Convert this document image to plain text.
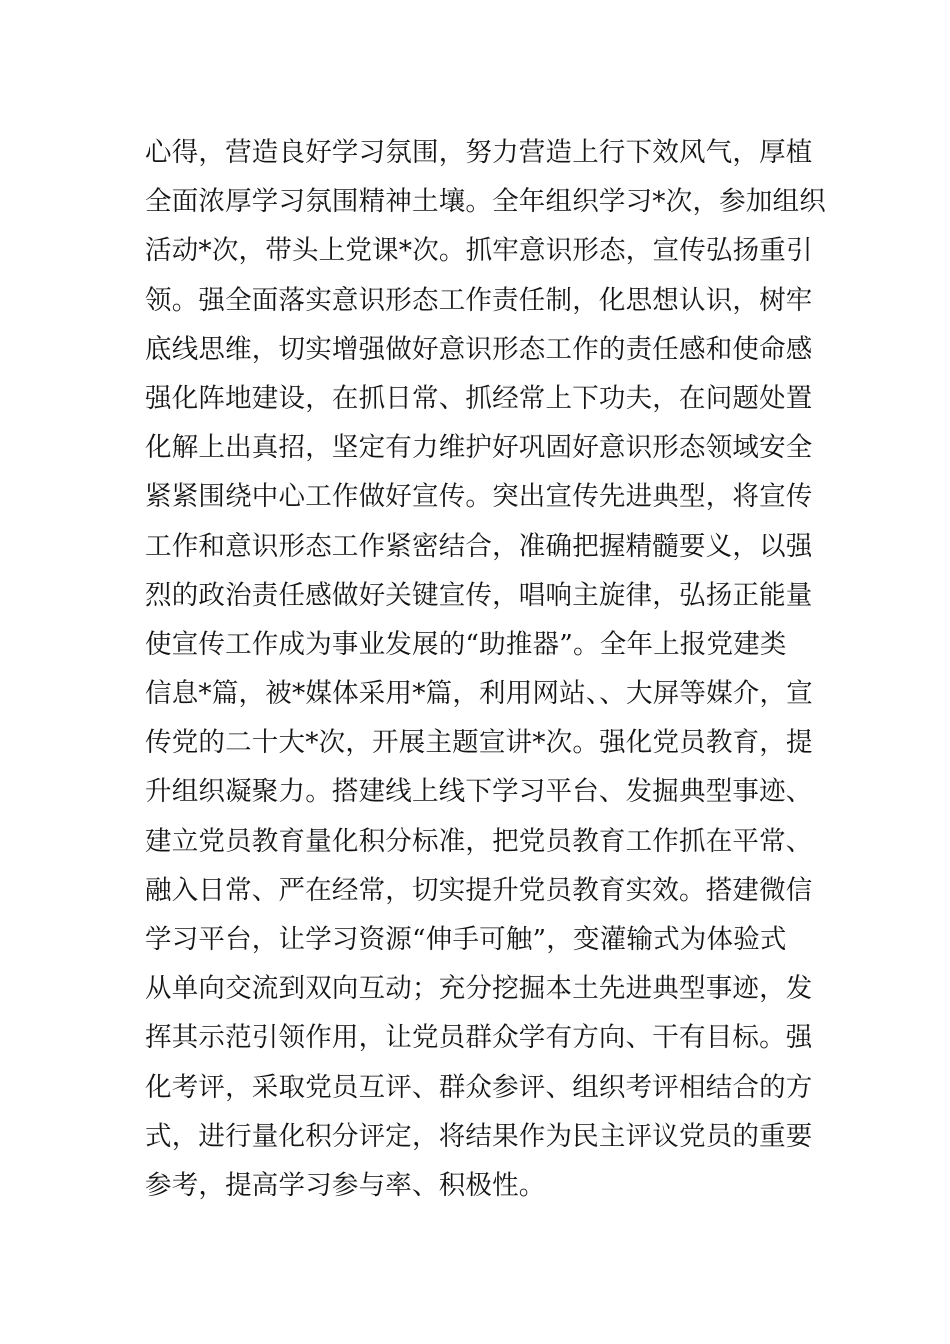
心得，营造良好学习氛围，努力营造上行下效风气，厚植
全面浓厚学习氛围精神土壤。全年组织学习*次，参加组织
活动*次，带头上党课*次。抓牢意识形态，宣传弘扬重引
领。强全面落实意识形态工作责任制，化思想认识，树牢
底线思维，切实增强做好意识形态工作的责任感和使命感
强化阵地建设，在抓日常、抓经常上下功夫，在问题处置
化解上出真招，坚定有力维护好巩固好意识形态领域安全
紧紧围绕中心工作做好宣传。突出宣传先进典型，将宣传
工作和意识形态工作紧密结合，准确把握精髓要义，以强
烈的政治责任感做好关键宣传，唱响主旋律，弘扬正能量
使宣传工作成为事业发展的“助推器”。全年上报党建类
信息*篇，被*媒体采用*篇，利用网站、、大屏等媒介，宣
传党的二十大*次，开展主题宣讲*次。强化党员教育，提
升组织凝聚力。搭建线上线下学习平台、发掘典型事迹、
建立党员教育量化积分标准，把党员教育工作抓在平常、
融入日常、严在经常，切实提升党员教育实效。搭建微信
学习平台，让学习资源“伸手可触”，变灌输式为体验式
从单向交流到双向互动；充分挖掘本土先进典型事迹，发
挥其示范引领作用，让党员群众学有方向、干有目标。强
化考评，采取党员互评、群众参评、组织考评相结合的方
式，进行量化积分评定，将结果作为民主评议党员的重要
参考，提高学习参与率、积极性。
